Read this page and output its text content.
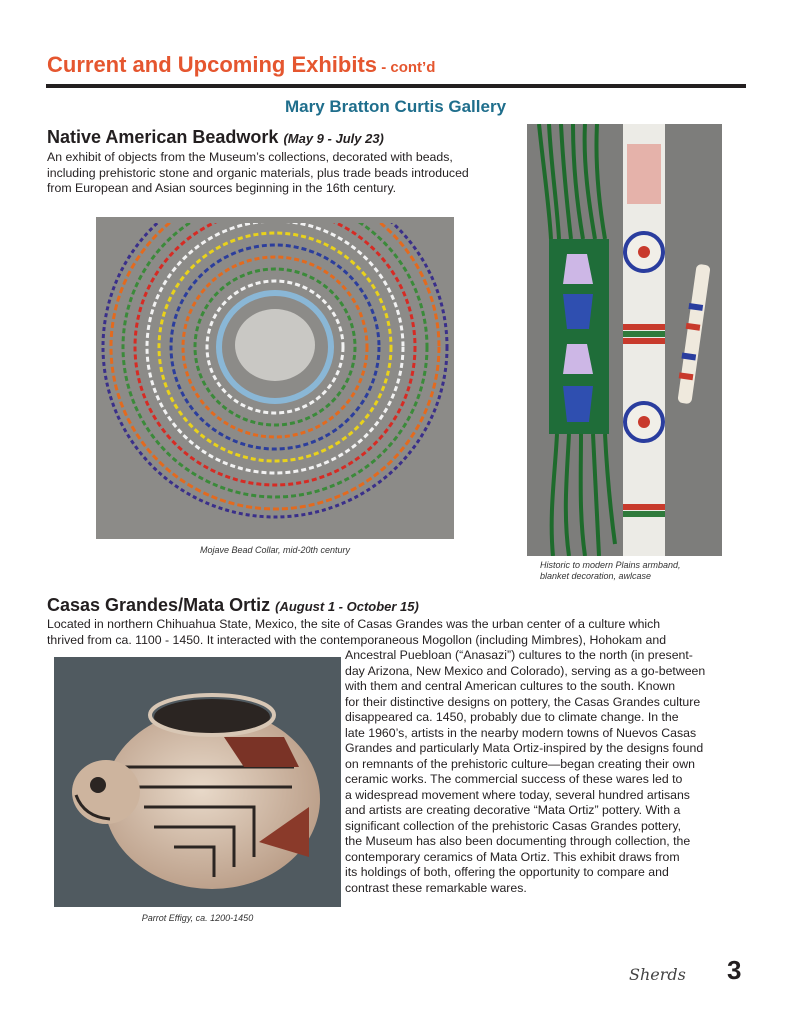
Current and Upcoming Exhibits - cont’d
Mary Bratton Curtis Gallery
Native American Beadwork (May 9 - July 23)

An exhibit of objects from the Museum’s collections, decorated with beads,

including prehistoric stone and organic materials, plus trade beads introduced

from European and Asian sources beginning in the 16th century.

Mojave Bead Collar, mid-20th century
Historic to modern Plains armband,
blanket decoration, awlcase
Casas Grandes/Mata Ortiz (August 1 - October 15)

Located in northern Chihuahua State, Mexico, the site of Casas Grandes was the urban center of a culture which

thrived from ca. 1100 - 1450. It interacted with the contemporaneous Mogollon (including Mimbres), Hohokam and

Parrot Effigy, ca. 1200-1450

Ancestral Puebloan (“Anasazi”) cultures to the north (in present-

day Arizona, New Mexico and Colorado), serving as a go-between

with them and central American cultures to the south. Known

for their distinctive designs on pottery, the Casas Grandes culture

disappeared ca. 1450, probably due to climate change. In the

late 1960’s, artists in the nearby modern towns of Nuevos Casas

Grandes and particularly Mata Ortiz-inspired by the designs found

on remnants of the prehistoric culture—began creating their own

ceramic works. The commercial success of these wares led to

a widespread movement where today, several hundred artisans

and artists are creating decorative “Mata Ortiz” pottery. With a

significant collection of the prehistoric Casas Grandes pottery,

the Museum has also been documenting through collection, the

contemporary ceramics of Mata Ortiz. This exhibit draws from

its holdings of both, offering the opportunity to compare and

contrast these remarkable wares.

Sherds 3
